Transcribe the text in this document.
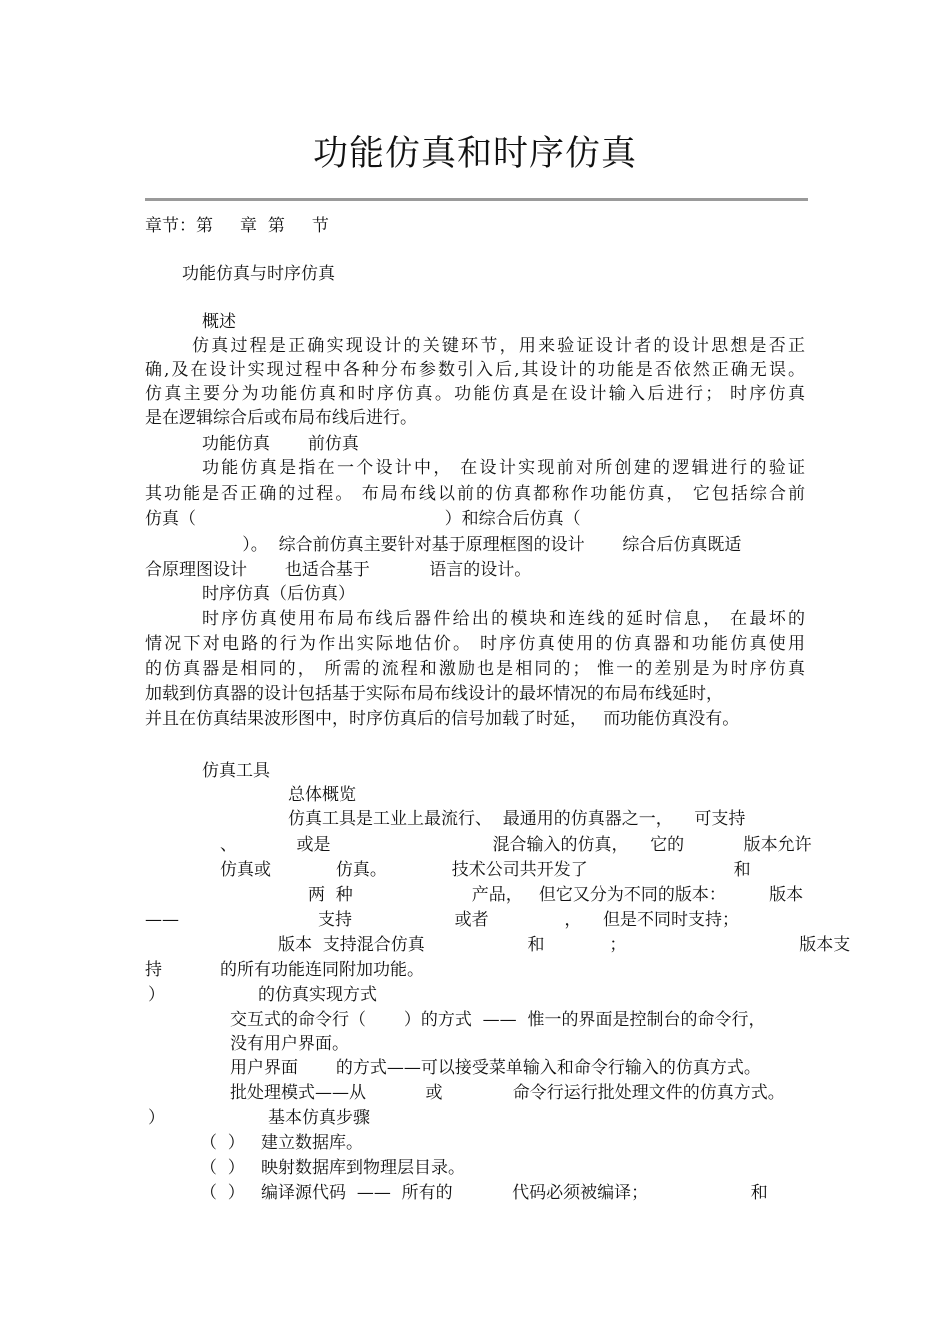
功能仿真和时序仿真
章节：第     章  第     节
功能仿真与时序仿真
概述
仿真过程是正确实现设计的关键环节，用来验证设计者的设计思想是否正
确,及在设计实现过程中各种分布参数引入后,其设计的功能是否依然正确无误。
仿真主要分为功能仿真和时序仿真。功能仿真是在设计输入后进行； 时序仿真
是在逻辑综合后或布局布线后进行。
功能仿真       前仿真
功能仿真是指在一个设计中， 在设计实现前对所创建的逻辑进行的验证
其功能是否正确的过程。 布局布线以前的仿真都称作功能仿真， 它包括综合前
仿真（                                              ）和综合后仿真（
）。  综合前仿真主要针对基于原理框图的设计       综合后仿真既适
合原理图设计       也适合基于           语言的设计。
时序仿真（后仿真）
时序仿真使用布局布线后器件给出的模块和连线的延时信息， 在最坏的
情况下对电路的行为作出实际地估价。 时序仿真使用的仿真器和功能仿真使用
的仿真器是相同的， 所需的流程和激励也是相同的； 惟一的差别是为时序仿真
加载到仿真器的设计包括基于实际布局布线设计的最坏情况的布局布线延时，
并且在仿真结果波形图中，时序仿真后的信号加载了时延，   而功能仿真没有。
仿真工具
总体概览
仿真工具是工业上最流行、  最通用的仿真器之一，    可支持
、           或是                              混合输入的仿真，    它的           版本允许
仿真或            仿真。            技术公司共开发了                           和
两  种                      产品，   但它又分为不同的版本：        版本
——	支持                   或者              ，    但是不同时支持；
版本  支持混合仿真                   和            ；                                版本支
持	的所有功能连同附加功能。
）	的仿真实现方式
交互式的命令行（       ）的方式  ——  惟一的界面是控制台的命令行，
没有用户界面。
用户界面       的方式——可以接受菜单输入和命令行输入的仿真方式。
批处理模式——从           或             命令行运行批处理文件的仿真方式。
）	基本仿真步骤
（  ）   建立数据库。
（  ）   映射数据库到物理层目录。
（  ）   编译源代码  ——  所有的           代码必须被编译；                   和
